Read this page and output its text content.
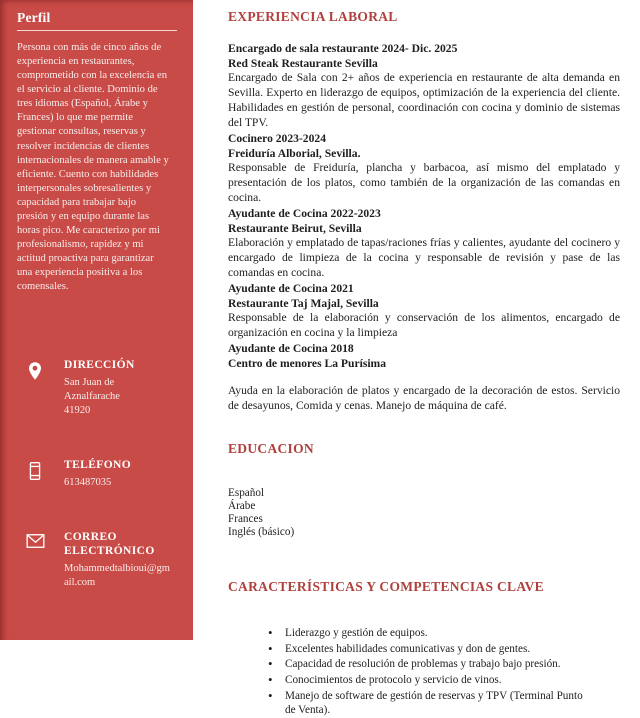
Perfil

Persona con más de cinco años de experiencia en restaurantes, comprometido con la excelencia en el servicio al cliente. Dominio de tres idiomas (Español, Árabe y Frances) lo que me permite gestionar consultas, reservas y resolver incidencias de clientes internacionales de manera amable y eficiente. Cuento con habilidades interpersonales sobresalientes y capacidad para trabajar bajo presión y en equipo durante las horas pico. Me caracterizo por mi profesionalismo, rapidez y mi actitud proactiva para garantizar una experiencia positiva a los comensales.

DIRECCIÓN
San Juan de Aznalfarache
41920
TELÉFONO
613487035
CORREO ELECTRÓNICO
Mohammedtalbioui@gmail.com
EXPERIENCIA LABORAL
Encargado de sala restaurante 2024- Dic. 2025
Red Steak Restaurante Sevilla

Encargado de Sala con 2+ años de experiencia en restaurante de alta demanda en Sevilla. Experto en liderazgo de equipos, optimización de la experiencia del cliente. Habilidades en gestión de personal, coordinación con cocina y dominio de sistemas del TPV.

Cocinero 2023-2024
Freiduría Alborial, Sevilla.

Responsable de Freiduría, plancha y barbacoa, así mismo del emplatado y presentación de los platos, como también de la organización de las comandas en cocina.

Ayudante de Cocina 2022-2023
Restaurante Beirut, Sevilla

Elaboración y emplatado de tapas/raciones frías y calientes, ayudante del cocinero y encargado de limpieza de la cocina y responsable de revisión y pase de las comandas en cocina.

Ayudante de Cocina 2021
Restaurante Taj Majal, Sevilla

Responsable de la elaboración y conservación de los alimentos, encargado de organización en cocina y la limpieza

Ayudante de Cocina 2018
Centro de menores La Purísima

Ayuda en la elaboración de platos y encargado de la decoración de estos. Servicio de desayunos, Comida y cenas. Manejo de máquina de café.

EDUCACION
Español
Árabe
Frances
Inglés (básico)
CARACTERÍSTICAS Y COMPETENCIAS CLAVE
• Liderazgo y gestión de equipos.
• Excelentes habilidades comunicativas y don de gentes.
• Capacidad de resolución de problemas y trabajo bajo presión.
• Conocimientos de protocolo y servicio de vinos.
• Manejo de software de gestión de reservas y TPV (Terminal Punto de Venta).
